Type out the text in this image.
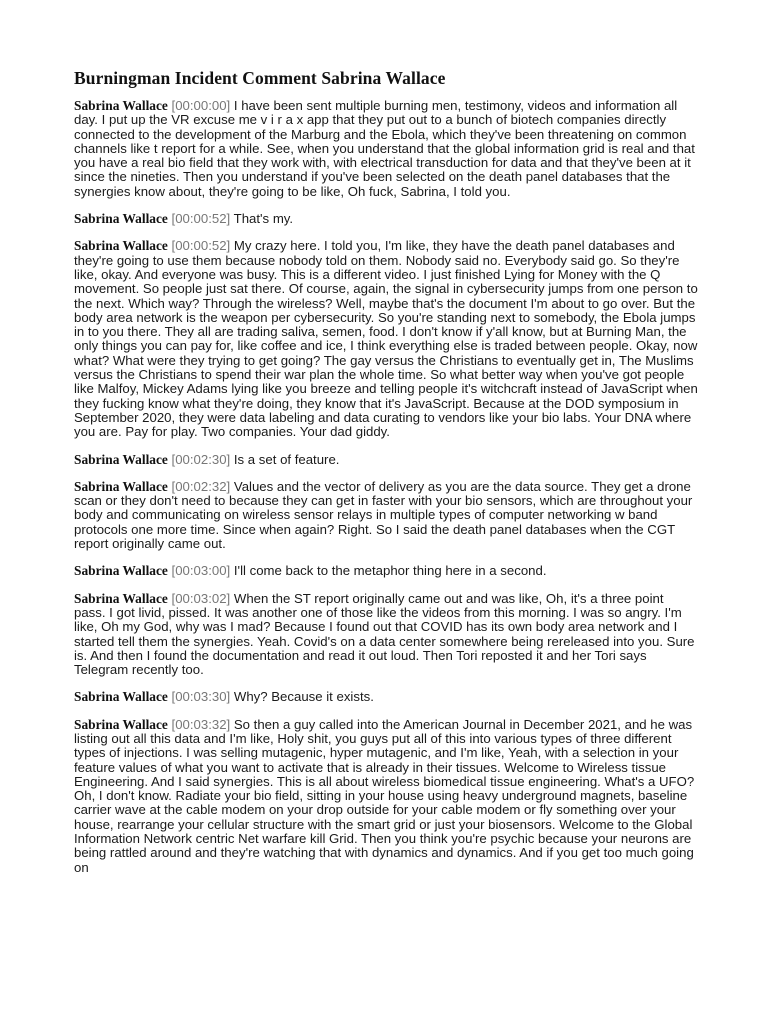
Burningman Incident Comment Sabrina Wallace

Sabrina Wallace [00:00:00] I have been sent multiple burning men, testimony, videos and information all day. I put up the VR excuse me v i r a x app that they put out to a bunch of biotech companies directly connected to the development of the Marburg and the Ebola, which they've been threatening on common channels like t report for a while. See, when you understand that the global information grid is real and that you have a real bio field that they work with, with electrical transduction for data and that they've been at it since the nineties. Then you understand if you've been selected on the death panel databases that the synergies know about, they're going to be like, Oh fuck, Sabrina, I told you.

Sabrina Wallace [00:00:52] That's my.

Sabrina Wallace [00:00:52] My crazy here. I told you, I'm like, they have the death panel databases and they're going to use them because nobody told on them. Nobody said no. Everybody said go. So they're like, okay. And everyone was busy. This is a different video. I just finished Lying for Money with the Q movement. So people just sat there. Of course, again, the signal in cybersecurity jumps from one person to the next. Which way? Through the wireless? Well, maybe that's the document I'm about to go over. But the body area network is the weapon per cybersecurity. So you're standing next to somebody, the Ebola jumps in to you there. They all are trading saliva, semen, food. I don't know if y'all know, but at Burning Man, the only things you can pay for, like coffee and ice, I think everything else is traded between people. Okay, now what? What were they trying to get going? The gay versus the Christians to eventually get in, The Muslims versus the Christians to spend their war plan the whole time. So what better way when you've got people like Malfoy, Mickey Adams lying like you breeze and telling people it's witchcraft instead of JavaScript when they fucking know what they're doing, they know that it's JavaScript. Because at the DOD symposium in September 2020, they were data labeling and data curating to vendors like your bio labs. Your DNA where you are. Pay for play. Two companies. Your dad giddy.

Sabrina Wallace [00:02:30] Is a set of feature.

Sabrina Wallace [00:02:32] Values and the vector of delivery as you are the data source. They get a drone scan or they don't need to because they can get in faster with your bio sensors, which are throughout your body and communicating on wireless sensor relays in multiple types of computer networking w band protocols one more time. Since when again? Right. So I said the death panel databases when the CGT report originally came out.

Sabrina Wallace [00:03:00] I'll come back to the metaphor thing here in a second.

Sabrina Wallace [00:03:02] When the ST report originally came out and was like, Oh, it's a three point pass. I got livid, pissed. It was another one of those like the videos from this morning. I was so angry. I'm like, Oh my God, why was I mad? Because I found out that COVID has its own body area network and I started tell them the synergies. Yeah. Covid's on a data center somewhere being rereleased into you. Sure is. And then I found the documentation and read it out loud. Then Tori reposted it and her Tori says Telegram recently too.

Sabrina Wallace [00:03:30] Why? Because it exists.

Sabrina Wallace [00:03:32] So then a guy called into the American Journal in December 2021, and he was listing out all this data and I'm like, Holy shit, you guys put all of this into various types of three different types of injections. I was selling mutagenic, hyper mutagenic, and I'm like, Yeah, with a selection in your feature values of what you want to activate that is already in their tissues. Welcome to Wireless tissue Engineering. And I said synergies. This is all about wireless biomedical tissue engineering. What's a UFO? Oh, I don't know. Radiate your bio field, sitting in your house using heavy underground magnets, baseline carrier wave at the cable modem on your drop outside for your cable modem or fly something over your house, rearrange your cellular structure with the smart grid or just your biosensors. Welcome to the Global Information Network centric Net warfare kill Grid. Then you think you're psychic because your neurons are being rattled around and they're watching that with dynamics and dynamics. And if you get too much going on
